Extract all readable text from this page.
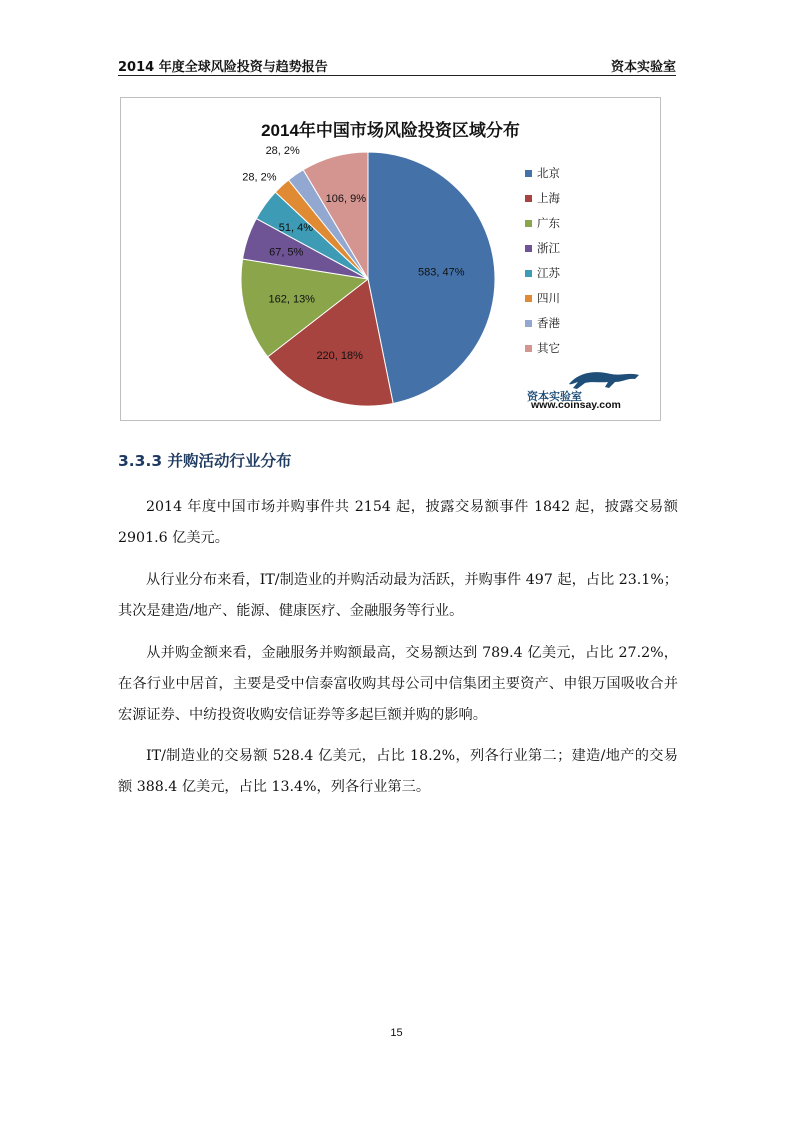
2014 年度全球风险投资与趋势报告	资本实验室
2014年中国市场风险投资区域分布
583, 47%
220, 18%
162, 13%
67, 5%
51, 4%
28, 2%
28, 2%
106, 9%
北京
上海
广东
浙江
江苏
四川
香港
其它
资本实验室
www.coinsay.com
3.3.3 并购活动行业分布
2014 年度中国市场并购事件共 2154 起，披露交易额事件 1842 起，披露交易额 2901.6 亿美元。
从行业分布来看，IT/制造业的并购活动最为活跃，并购事件 497 起，占比 23.1%；其次是建造/地产、能源、健康医疗、金融服务等行业。
从并购金额来看，金融服务并购额最高，交易额达到 789.4 亿美元，占比 27.2%，在各行业中居首，主要是受中信泰富收购其母公司中信集团主要资产、申银万国吸收合并宏源证券、中纺投资收购安信证券等多起巨额并购的影响。
IT/制造业的交易额 528.4 亿美元，占比 18.2%，列各行业第二；建造/地产的交易额 388.4 亿美元，占比 13.4%，列各行业第三。
15
